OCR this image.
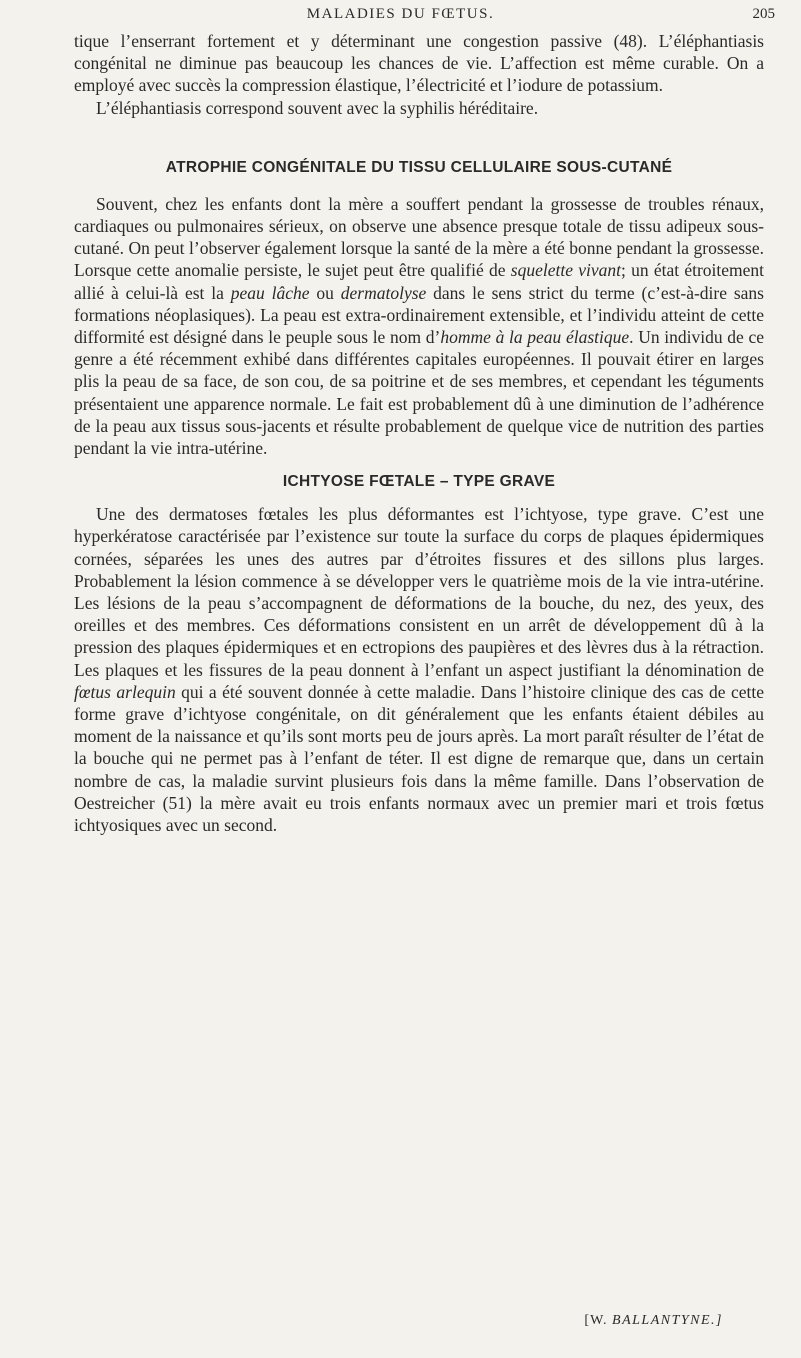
MALADIES DU FŒTUS.	205

tique l’enserrant fortement et y déterminant une congestion passive (48). L’éléphantiasis congénital ne diminue pas beaucoup les chances de vie. L’affection est même curable. On a employé avec succès la compression élastique, l’électricité et l’iodure de potassium.

L’éléphantiasis correspond souvent avec la syphilis héréditaire.

ATROPHIE CONGÉNITALE DU TISSU CELLULAIRE SOUS-CUTANÉ

Souvent, chez les enfants dont la mère a souffert pendant la grossesse de troubles rénaux, cardiaques ou pulmonaires sérieux, on observe une absence presque totale de tissu adipeux sous-cutané. On peut l’observer également lorsque la santé de la mère a été bonne pendant la grossesse. Lorsque cette anomalie persiste, le sujet peut être qualifié de squelette vivant; un état étroitement allié à celui-là est la peau lâche ou dermatolyse dans le sens strict du terme (c’est-à-dire sans formations néoplasiques). La peau est extra-ordinairement extensible, et l’individu atteint de cette difformité est désigné dans le peuple sous le nom d’homme à la peau élastique. Un individu de ce genre a été récemment exhibé dans différentes capitales européennes. Il pouvait étirer en larges plis la peau de sa face, de son cou, de sa poitrine et de ses membres, et cependant les téguments présentaient une apparence normale. Le fait est probablement dû à une diminution de l’adhérence de la peau aux tissus sous-jacents et résulte probablement de quelque vice de nutrition des parties pendant la vie intra-utérine.

ICHTYOSE FŒTALE – TYPE GRAVE

Une des dermatoses fœtales les plus déformantes est l’ichtyose, type grave. C’est une hyperkératose caractérisée par l’existence sur toute la surface du corps de plaques épidermiques cornées, séparées les unes des autres par d’étroites fissures et des sillons plus larges. Probablement la lésion commence à se développer vers le quatrième mois de la vie intra-utérine. Les lésions de la peau s’accompagnent de déformations de la bouche, du nez, des yeux, des oreilles et des membres. Ces déformations consistent en un arrêt de développement dû à la pression des plaques épidermiques et en ectropions des paupières et des lèvres dus à la rétraction. Les plaques et les fissures de la peau donnent à l’enfant un aspect justifiant la dénomination de fœtus arlequin qui a été souvent donnée à cette maladie. Dans l’histoire clinique des cas de cette forme grave d’ichtyose congénitale, on dit généralement que les enfants étaient débiles au moment de la naissance et qu’ils sont morts peu de jours après. La mort paraît résulter de l’état de la bouche qui ne permet pas à l’enfant de téter. Il est digne de remarque que, dans un certain nombre de cas, la maladie survint plusieurs fois dans la même famille. Dans l’observation de Oestreicher (51) la mère avait eu trois enfants normaux avec un premier mari et trois fœtus ichtyosiques avec un second.

[W. BALLANTYNE.]
